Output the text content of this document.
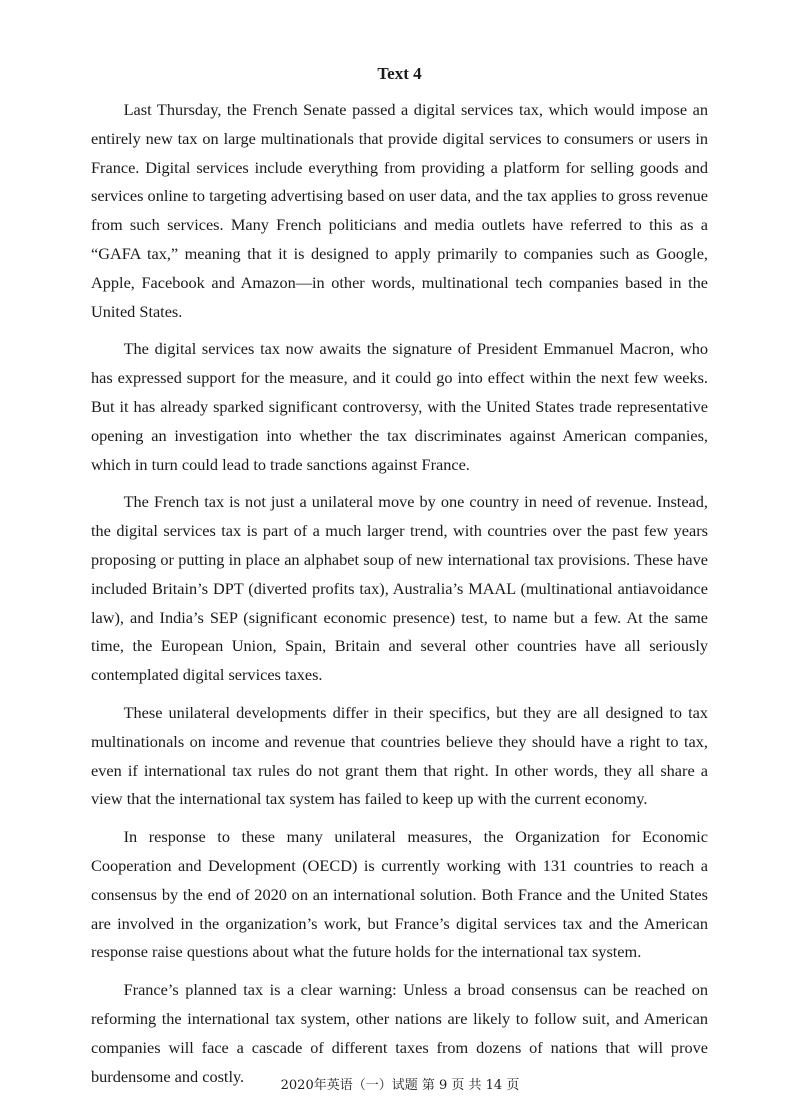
Text 4

Last Thursday, the French Senate passed a digital services tax, which would impose an entirely new tax on large multinationals that provide digital services to consumers or users in France. Digital services include everything from providing a platform for selling goods and services online to targeting advertising based on user data, and the tax applies to gross revenue from such services. Many French politicians and media outlets have referred to this as a “GAFA tax,” meaning that it is designed to apply primarily to companies such as Google, Apple, Facebook and Amazon—in other words, multinational tech companies based in the United States.

The digital services tax now awaits the signature of President Emmanuel Macron, who has expressed support for the measure, and it could go into effect within the next few weeks. But it has already sparked significant controversy, with the United States trade representative opening an investigation into whether the tax discriminates against American companies, which in turn could lead to trade sanctions against France.

The French tax is not just a unilateral move by one country in need of revenue. Instead, the digital services tax is part of a much larger trend, with countries over the past few years proposing or putting in place an alphabet soup of new international tax provisions. These have included Britain’s DPT (diverted profits tax), Australia’s MAAL (multinational antiavoidance law), and India’s SEP (significant economic presence) test, to name but a few. At the same time, the European Union, Spain, Britain and several other countries have all seriously contemplated digital services taxes.

These unilateral developments differ in their specifics, but they are all designed to tax multinationals on income and revenue that countries believe they should have a right to tax, even if international tax rules do not grant them that right. In other words, they all share a view that the international tax system has failed to keep up with the current economy.

In response to these many unilateral measures, the Organization for Economic Cooperation and Development (OECD) is currently working with 131 countries to reach a consensus by the end of 2020 on an international solution. Both France and the United States are involved in the organization’s work, but France’s digital services tax and the American response raise questions about what the future holds for the international tax system.

France’s planned tax is a clear warning: Unless a broad consensus can be reached on reforming the international tax system, other nations are likely to follow suit, and American companies will face a cascade of different taxes from dozens of nations that will prove burdensome and costly.	2020年英语（一）试题 第 9 页 共 14 页
